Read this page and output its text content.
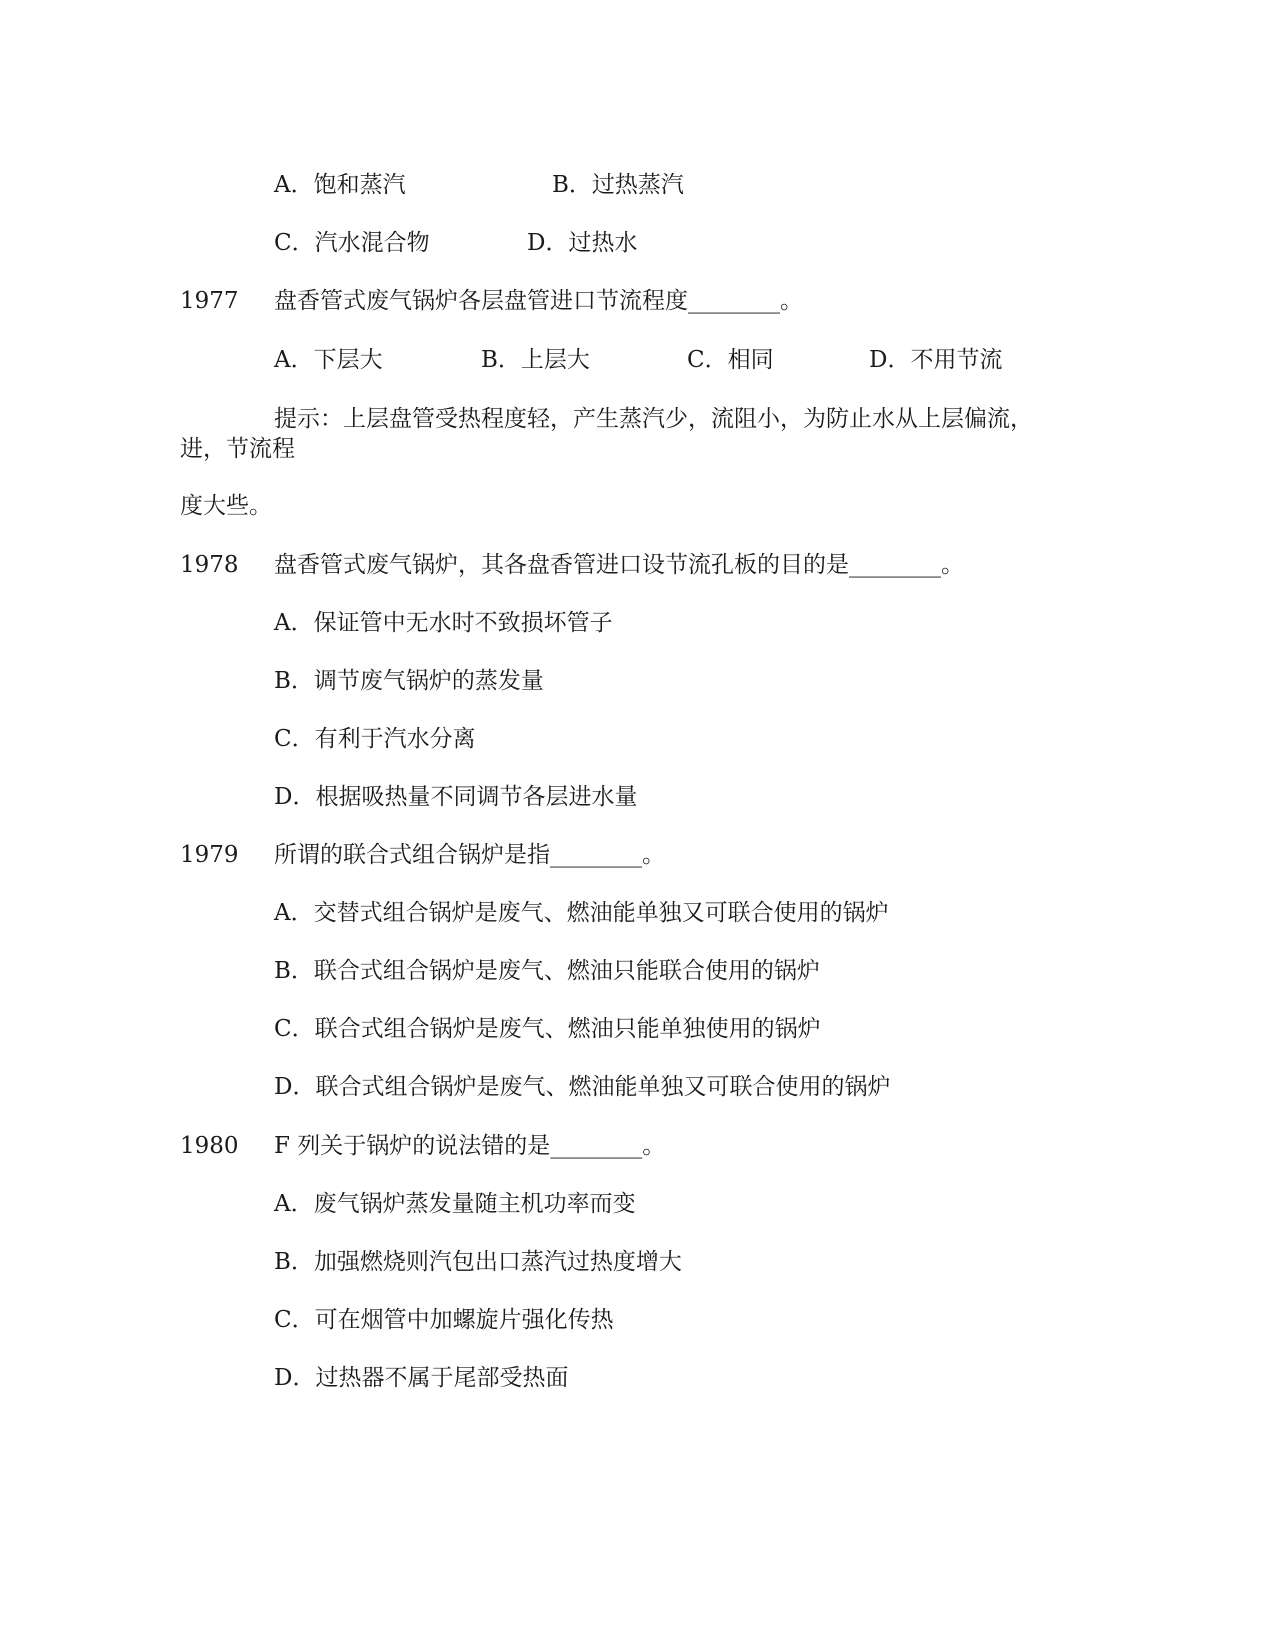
A．饱和蒸汽	B．过热蒸汽
C．汽水混合物	D．过热水
1977 盘香管式废气锅炉各层盘管进口节流程度________。
A．下层大	B．上层大	C．相同	D．不用节流
提示：上层盘管受热程度轻，产生蒸汽少，流阻小，为防止水从上层偏流，
进，节流程
度大些。
1978 盘香管式废气锅炉，其各盘香管进口设节流孔板的目的是________。
A．保证管中无水时不致损坏管子
B．调节废气锅炉的蒸发量
C．有利于汽水分离
D．根据吸热量不同调节各层进水量
1979 所谓的联合式组合锅炉是指________。
A．交替式组合锅炉是废气、燃油能单独又可联合使用的锅炉
B．联合式组合锅炉是废气、燃油只能联合使用的锅炉
C．联合式组合锅炉是废气、燃油只能单独使用的锅炉
D．联合式组合锅炉是废气、燃油能单独又可联合使用的锅炉
1980 F 列关于锅炉的说法错的是________。
A．废气锅炉蒸发量随主机功率而变
B．加强燃烧则汽包出口蒸汽过热度增大
C．可在烟管中加螺旋片强化传热
D．过热器不属于尾部受热面
